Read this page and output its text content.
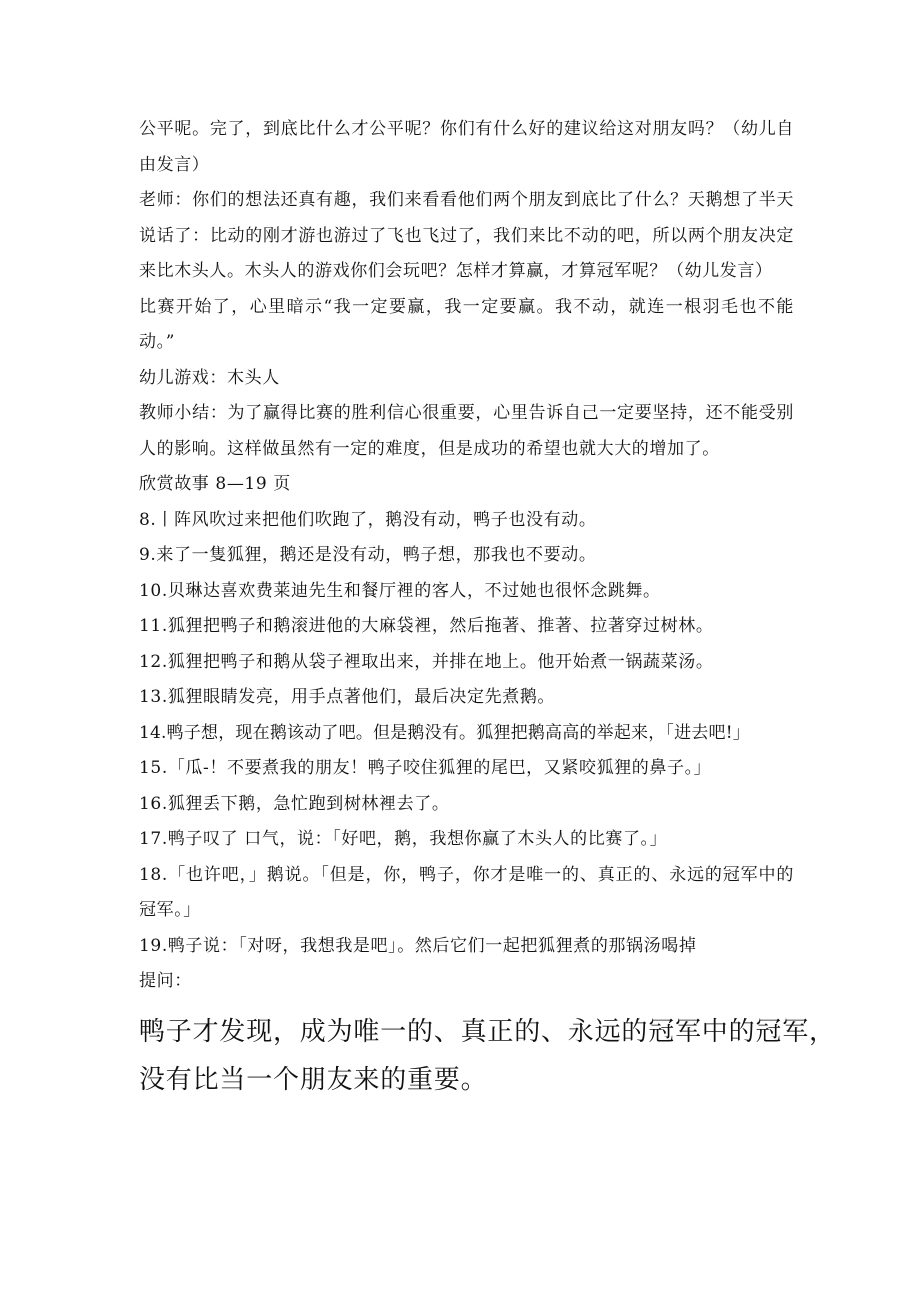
公平呢。完了，到底比什么才公平呢？你们有什么好的建议给这对朋友吗？（幼儿自由发言）

老师：你们的想法还真有趣，我们来看看他们两个朋友到底比了什么？天鹅想了半天说话了：比动的刚才游也游过了飞也飞过了，我们来比不动的吧，所以两个朋友决定来比木头人。木头人的游戏你们会玩吧？怎样才算赢，才算冠军呢？（幼儿发言）

比赛开始了，心里暗示“我一定要赢，我一定要赢。我不动，就连一根羽毛也不能动。”

幼儿游戏：木头人

教师小结：为了赢得比赛的胜利信心很重要，心里告诉自己一定要坚持，还不能受别人的影响。这样做虽然有一定的难度，但是成功的希望也就大大的增加了。

欣赏故事 8—19 页

8.丨阵风吹过来把他们吹跑了，鹅没有动，鸭子也没有动。

9.来了一隻狐狸，鹅还是没有动，鸭子想，那我也不要动。

10.贝琳达喜欢费莱迪先生和餐厅裡的客人，不过她也很怀念跳舞。

11.狐狸把鸭子和鹅滚进他的大麻袋裡，然后拖著、推著、拉著穿过树林。

12.狐狸把鸭子和鹅从袋子裡取出来，并排在地上。他开始煮一锅蔬菜汤。

13.狐狸眼睛发亮，用手点著他们，最后决定先煮鹅。

14.鸭子想，现在鹅该动了吧。但是鹅没有。狐狸把鹅高高的举起来，「进去吧!」

15.「瓜-！不要煮我的朋友！鸭子咬住狐狸的尾巴，又紧咬狐狸的鼻子。」

16.狐狸丢下鹅，急忙跑到树林裡去了。

17.鸭子叹了 口气，说：「好吧，鹅，我想你赢了木头人的比赛了。」

18.「也许吧，」鹅说。「但是，你，鸭子，你才是唯一的、真正的、永远的冠军中的冠军。」

19.鸭子说：「对呀，我想我是吧」。然后它们一起把狐狸煮的那锅汤喝掉

提问：

鸭子才发现，成为唯一的、真正的、永远的冠军中的冠军，

没有比当一个朋友来的重要。
